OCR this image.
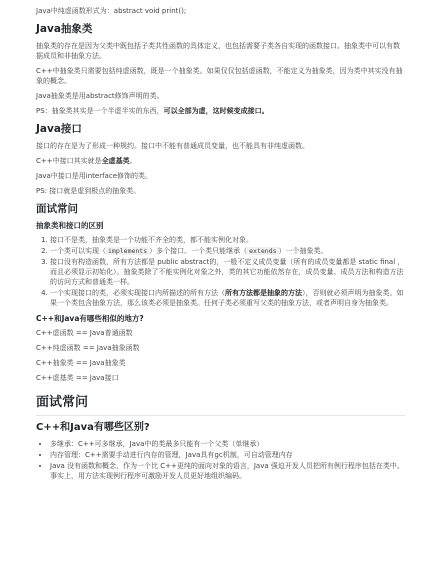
Java中纯虚函数形式为：abstract void print();

Java抽象类

抽象类的存在是因为父类中既包括子类共性函数的具体定义，也包括需要子类各自实现的函数接口。抽象类中可以有数据成员和非抽象方法。

C++中抽象类只需要包括纯虚函数，既是一个抽象类。如果仅仅包括虚函数，不能定义为抽象类，因为类中其实没有抽象的概念。

Java抽象类是用abstract修饰声明的类。

PS：抽象类其实是一个半虚半实的东西，可以全部为虚，这时候变成接口。

Java接口

接口的存在是为了形成一种规约。接口中不能有普通成员变量，也不能具有非纯虚函数。

C++中接口其实就是全虚基类。

Java中接口是用interface修饰的类。

PS: 接口就是虚到极点的抽象类。

面试常问
抽象类和接口的区别
1. 接口不是类，抽象类是一个功能不齐全的类，都不能实例化对象。
2. 一个类可以实现（ implements ）多个接口。一个类只能继承（ extends ）一个抽象类。
3. 接口没有构造函数，所有方法都是 public abstract的，一般不定义成员变量（所有的成员变量都是 static final ，而且必须显示初始化）。抽象类除了不能实例化对象之外，类的其它功能依然存在，成员变量、成员方法和构造方法的访问方式和普通类一样。
4. 一个实现接口的类，必须实现接口内所描述的所有方法（所有方法都是抽象的方法），否则就必须声明为抽象类。如果一个类包含抽象方法，那么该类必须是抽象类。任何子类必须重写父类的抽象方法，或者声明自身为抽象类。
C++和Java有哪些相似的地方?

C++虚函数 == Java普通函数

C++纯虚函数 == Java抽象函数

C++抽象类 == Java抽象类

C++虚基类 == Java接口

面试常问
C++和Java有哪些区别?
• 多继承：C++可多继承，Java中的类最多只能有一个父类（单继承）
• 内存管理：C++需要手动进行内存的管理，Java具有gc机制，可自动管理内存
• Java 没有函数和概念，作为一个比 C++更纯的面向对象的语言，Java 强迫开发人员把所有例行程序包括在类中。事实上，用方法实现例行程序可激励开发人员更好地组织编码。
